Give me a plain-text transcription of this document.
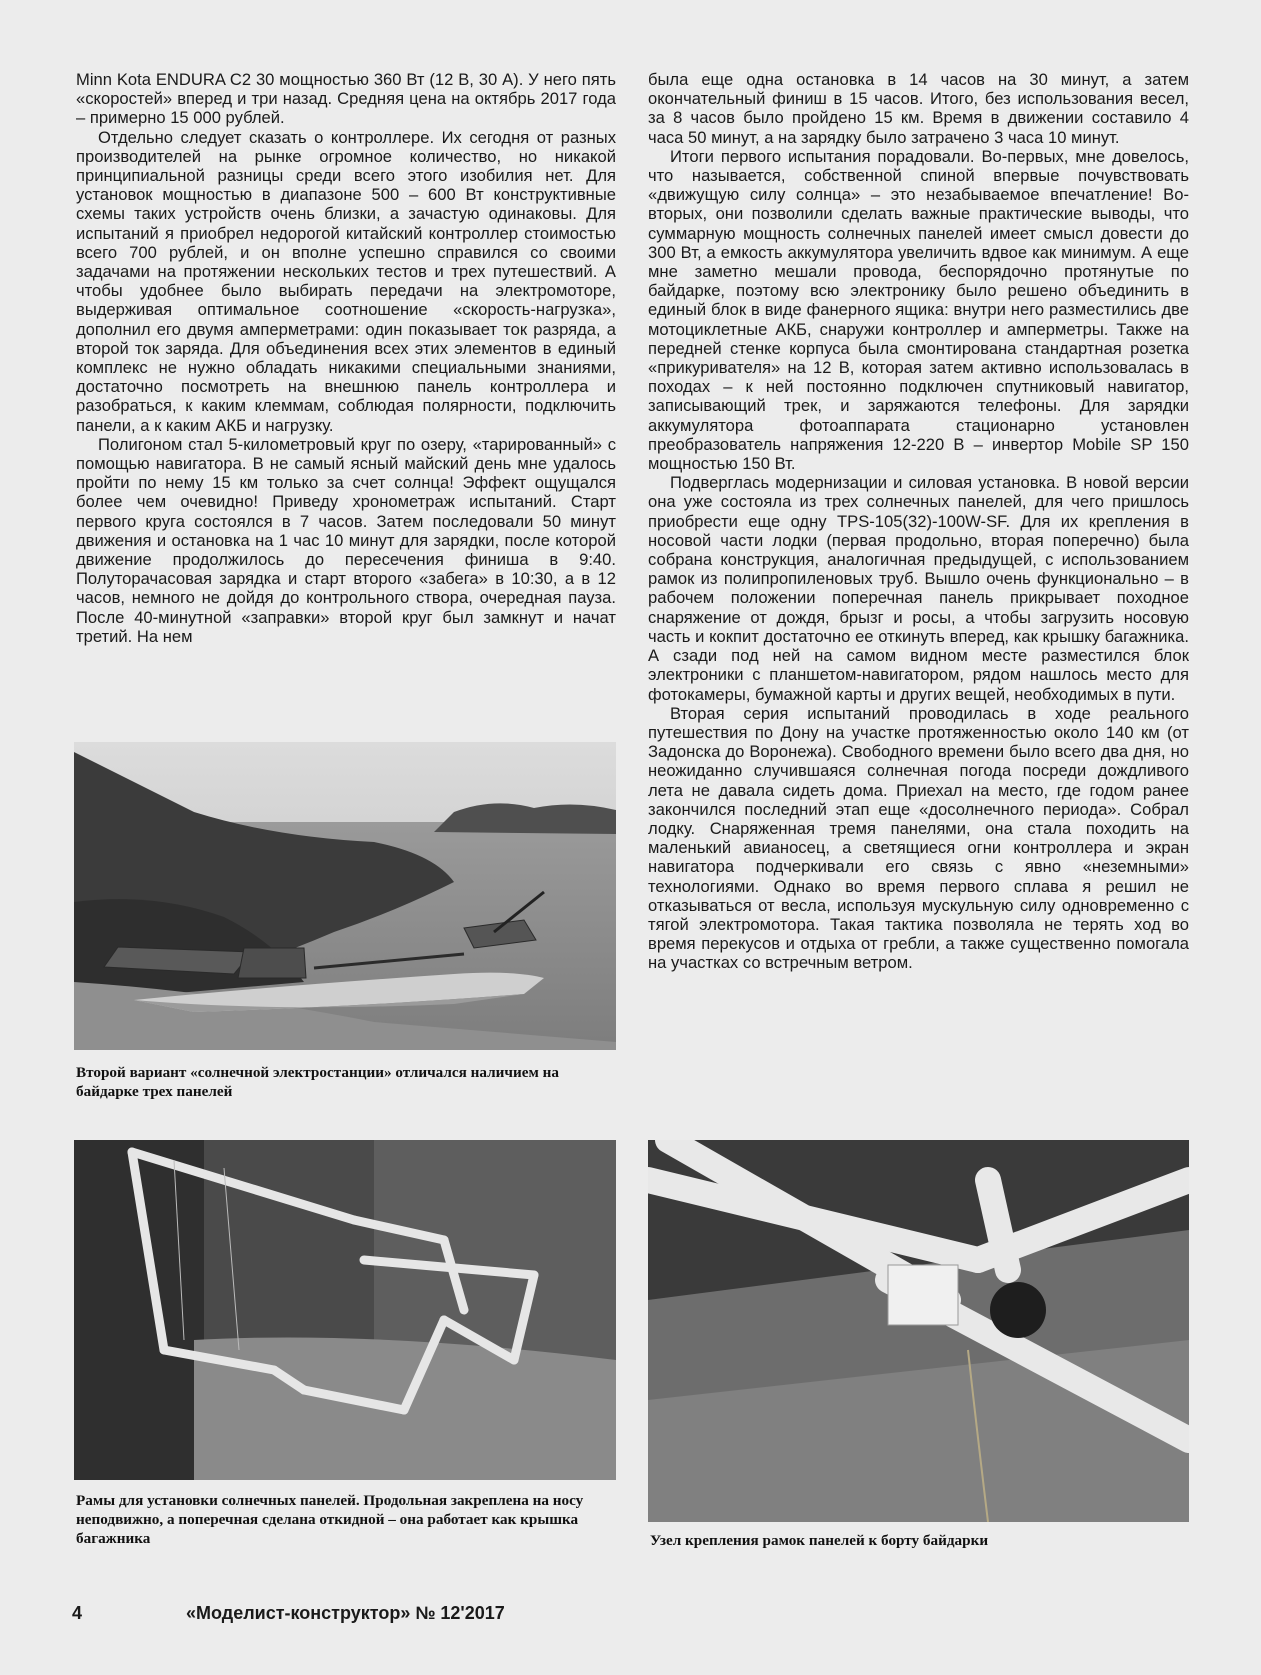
Minn Kota ENDURA C2 30 мощностью 360 Вт (12 В, 30 А). У него пять «скоростей» вперед и три назад. Средняя цена на октябрь 2017 года – примерно 15 000 рублей.

Отдельно следует сказать о контроллере. Их сегодня от разных производителей на рынке огромное количество, но никакой принципиальной разницы среди всего этого изобилия нет. Для установок мощностью в диапазоне 500 – 600 Вт конструктивные схемы таких устройств очень близки, а зачастую одинаковы. Для испытаний я приобрел недорогой китайский контроллер стоимостью всего 700 рублей, и он вполне успешно справился со своими задачами на протяжении нескольких тестов и трех путешествий. А чтобы удобнее было выбирать передачи на электромоторе, выдерживая оптимальное соотношение «скорость-нагрузка», дополнил его двумя амперметрами: один показывает ток разряда, а второй ток заряда. Для объединения всех этих элементов в единый комплекс не нужно обладать никакими специальными знаниями, достаточно посмотреть на внешнюю панель контроллера и разобраться, к каким клеммам, соблюдая полярности, подключить панели, а к каким АКБ и нагрузку.

Полигоном стал 5-километровый круг по озеру, «тарированный» с помощью навигатора. В не самый ясный майский день мне удалось пройти по нему 15 км только за счет солнца! Эффект ощущался более чем очевидно! Приведу хронометраж испытаний. Старт первого круга состоялся в 7 часов. Затем последовали 50 минут движения и остановка на 1 час 10 минут для зарядки, после которой движение продолжилось до пересечения финиша в 9:40. Полуторачасовая зарядка и старт второго «забега» в 10:30, а в 12 часов, немного не дойдя до контрольного створа, очередная пауза. После 40-минутной «заправки» второй круг был замкнут и начат третий. На нем

была еще одна остановка в 14 часов на 30 минут, а затем окончательный финиш в 15 часов. Итого, без использования весел, за 8 часов было пройдено 15 км. Время в движении составило 4 часа 50 минут, а на зарядку было затрачено 3 часа 10 минут.

Итоги первого испытания порадовали. Во-первых, мне довелось, что называется, собственной спиной впервые почувствовать «движущую силу солнца» – это незабываемое впечатление! Во-вторых, они позволили сделать важные практические выводы, что суммарную мощность солнечных панелей имеет смысл довести до 300 Вт, а емкость аккумулятора увеличить вдвое как минимум. А еще мне заметно мешали провода, беспорядочно протянутые по байдарке, поэтому всю электронику было решено объединить в единый блок в виде фанерного ящика: внутри него разместились две мотоциклетные АКБ, снаружи контроллер и амперметры. Также на передней стенке корпуса была смонтирована стандартная розетка «прикуривателя» на 12 В, которая затем активно использовалась в походах – к ней постоянно подключен спутниковый навигатор, записывающий трек, и заряжаются телефоны. Для зарядки аккумулятора фотоаппарата стационарно установлен преобразователь напряжения 12-220 В – инвертор Mobile SP 150 мощностью 150 Вт.

Подверглась модернизации и силовая установка. В новой версии она уже состояла из трех солнечных панелей, для чего пришлось приобрести еще одну TPS-105(32)-100W-SF. Для их крепления в носовой части лодки (первая продольно, вторая поперечно) была собрана конструкция, аналогичная предыдущей, с использованием рамок из полипропиленовых труб. Вышло очень функционально – в рабочем положении поперечная панель прикрывает походное снаряжение от дождя, брызг и росы, а чтобы загрузить носовую часть и кокпит достаточно ее откинуть вперед, как крышку багажника. А сзади под ней на самом видном месте разместился блок электроники с планшетом-навигатором, рядом нашлось место для фотокамеры, бумажной карты и других вещей, необходимых в пути.

Вторая серия испытаний проводилась в ходе реального путешествия по Дону на участке протяженностью около 140 км (от Задонска до Воронежа). Свободного времени было всего два дня, но неожиданно случившаяся солнечная погода посреди дождливого лета не давала сидеть дома. Приехал на место, где годом ранее закончился последний этап еще «досолнечного периода». Собрал лодку. Снаряженная тремя панелями, она стала походить на маленький авианосец, а светящиеся огни контроллера и экран навигатора подчеркивали его связь с явно «неземными» технологиями. Однако во время первого сплава я решил не отказываться от весла, используя мускульную силу одновременно с тягой электромотора. Такая тактика позволяла не терять ход во время перекусов и отдыха от гребли, а также существенно помогала на участках со встречным ветром.

Второй вариант «солнечной электростанции» отличался наличием на байдарке трех панелей
Рамы для установки солнечных панелей. Продольная закреплена на носу неподвижно, а поперечная сделана откидной – она работает как крышка багажника	Узел крепления рамок панелей к борту байдарки
4	«Моделист-конструктор» № 12'2017
